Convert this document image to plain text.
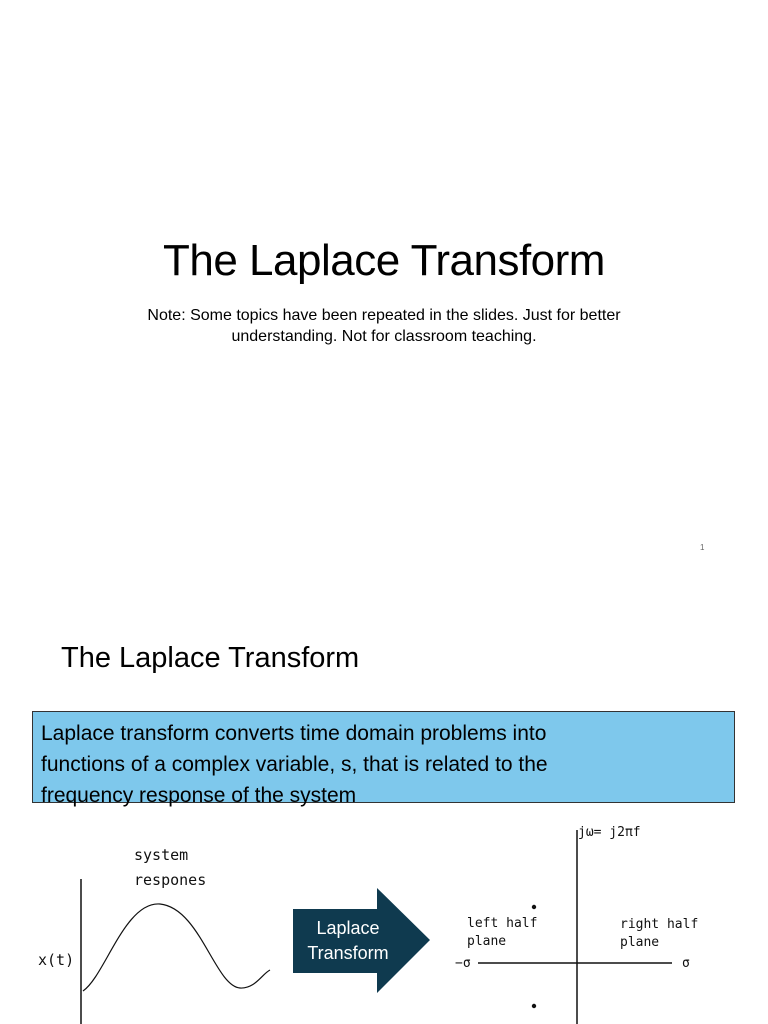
The Laplace Transform
Note: Some topics have been repeated in the slides. Just for better
understanding. Not for classroom teaching.
1
The Laplace Transform
Laplace transform converts time domain problems into
functions of a complex variable, s, that is related to the
frequency response of the system
system
respones
x(t)
Laplace
Transform
jω= j2πf
left half
plane
right half
plane
−σ	σ
